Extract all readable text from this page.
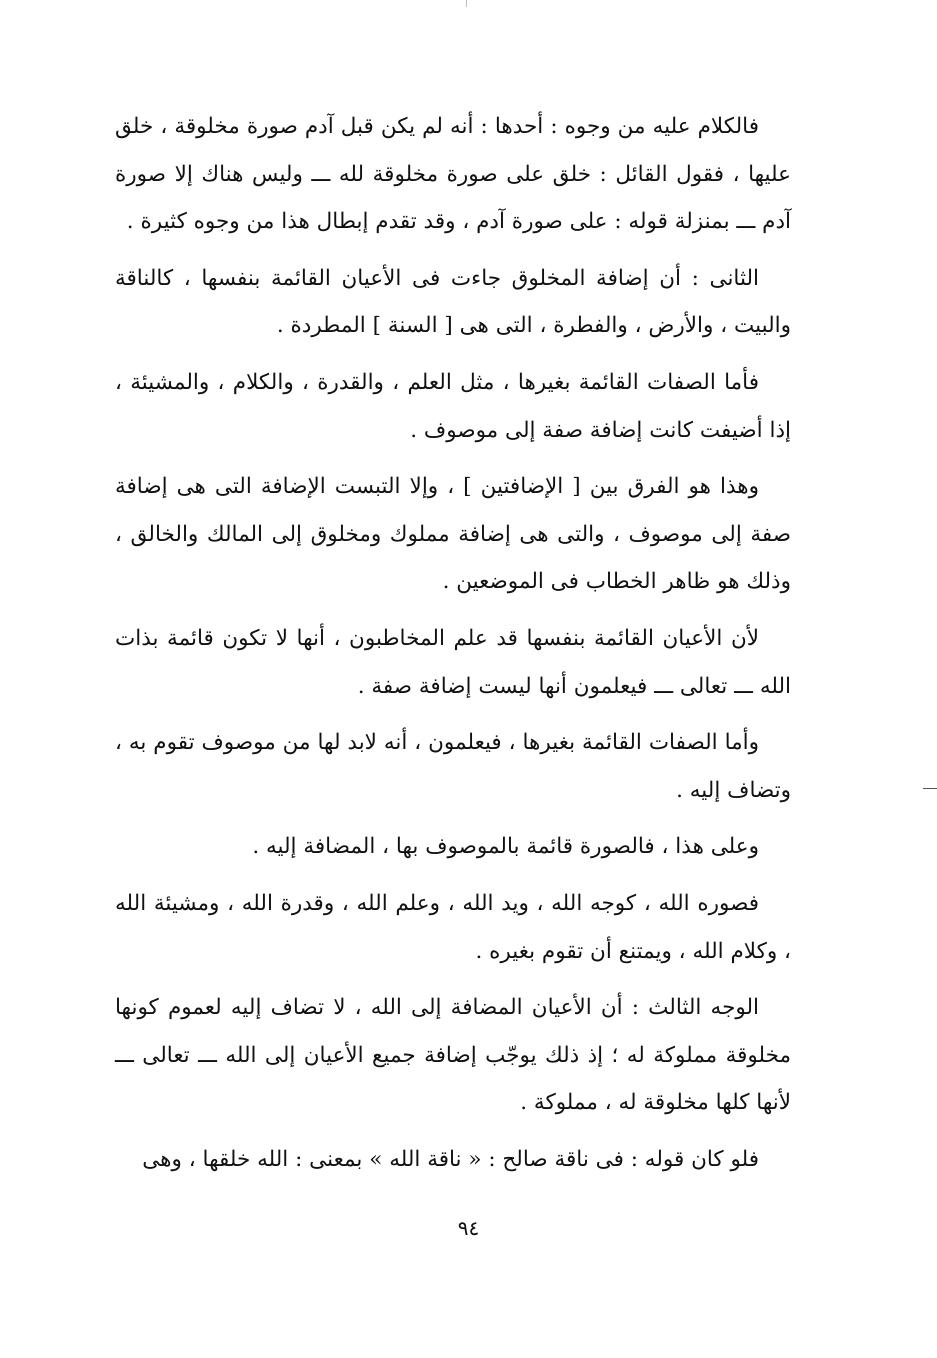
فالكلام عليه من وجوه : أحدها : أنه لم يكن قبل آدم صورة مخلوقة ، خلق عليها ، فقول القائل : خلق على صورة مخلوقة لله ـــ وليس هناك إلا صورة آدم ـــ بمنزلة قوله : على صورة آدم ، وقد تقدم إبطال هذا من وجوه كثيرة .

الثانى : أن إضافة المخلوق جاءت فى الأعيان القائمة بنفسها ، كالناقة والبيت ، والأرض ، والفطرة ، التى هى [ السنة ] المطردة .

فأما الصفات القائمة بغيرها ، مثل العلم ، والقدرة ، والكلام ، والمشيئة ، إذا أضيفت كانت إضافة صفة إلى موصوف .

وهذا هو الفرق بين [ الإضافتين ] ، وإلا التبست الإضافة التى هى إضافة صفة إلى موصوف ، والتى هى إضافة مملوك ومخلوق إلى المالك والخالق ، وذلك هو ظاهر الخطاب فى الموضعين .

لأن الأعيان القائمة بنفسها قد علم المخاطبون ، أنها لا تكون قائمة بذات الله ـــ تعالى ـــ فيعلمون أنها ليست إضافة صفة .

وأما الصفات القائمة بغيرها ، فيعلمون ، أنه لابد لها من موصوف تقوم به ، وتضاف إليه .

وعلى هذا ، فالصورة قائمة بالموصوف بها ، المضافة إليه .

فصوره الله ، كوجه الله ، ويد الله ، وعلم الله ، وقدرة الله ، ومشيئة الله ، وكلام الله ، ويمتنع أن تقوم بغيره .

الوجه الثالث : أن الأعيان المضافة إلى الله ، لا تضاف إليه لعموم كونها مخلوقة مملوكة له ؛ إذ ذلك يوجّب إضافة جميع الأعيان إلى الله ـــ تعالى ـــ لأنها كلها مخلوقة له ، مملوكة .

فلو كان قوله : فى ناقة صالح : « ناقة الله » بمعنى : الله خلقها ، وهى

٩٤
